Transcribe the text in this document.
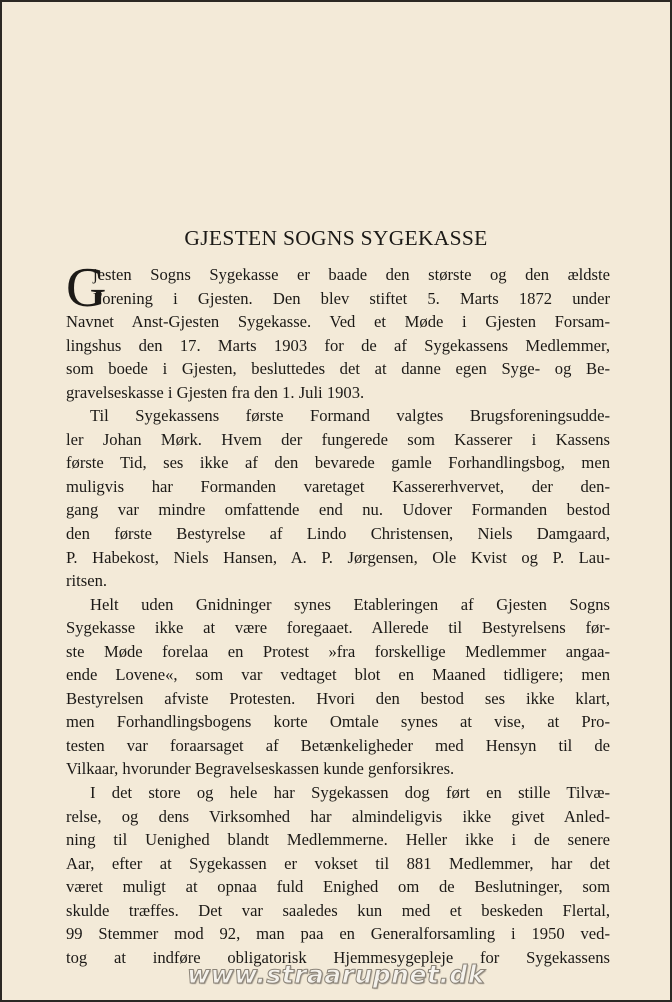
GJESTEN SOGNS SYGEKASSE
G
jesten Sogns Sygekasse er baade den største og den ældste
Forening i Gjesten. Den blev stiftet 5. Marts 1872 under
Navnet Anst-Gjesten Sygekasse. Ved et Møde i Gjesten Forsam-
lingshus den 17. Marts 1903 for de af Sygekassens Medlemmer,
som boede i Gjesten, besluttedes det at danne egen Syge- og Be-
gravelseskasse i Gjesten fra den 1. Juli 1903.
Til Sygekassens første Formand valgtes Brugsforeningsudde-
ler Johan Mørk. Hvem der fungerede som Kasserer i Kassens
første Tid, ses ikke af den bevarede gamle Forhandlingsbog, men
muligvis har Formanden varetaget Kassererhvervet, der den-
gang var mindre omfattende end nu. Udover Formanden bestod
den første Bestyrelse af Lindo Christensen, Niels Damgaard,
P. Habekost, Niels Hansen, A. P. Jørgensen, Ole Kvist og P. Lau-
ritsen.
Helt uden Gnidninger synes Etableringen af Gjesten Sogns
Sygekasse ikke at være foregaaet. Allerede til Bestyrelsens før-
ste Møde forelaa en Protest »fra forskellige Medlemmer angaa-
ende Lovene«, som var vedtaget blot en Maaned tidligere; men
Bestyrelsen afviste Protesten. Hvori den bestod ses ikke klart,
men Forhandlingsbogens korte Omtale synes at vise, at Pro-
testen var foraarsaget af Betænkeligheder med Hensyn til de
Vilkaar, hvorunder Begravelseskassen kunde genforsikres.
I det store og hele har Sygekassen dog ført en stille Tilvæ-
relse, og dens Virksomhed har almindeligvis ikke givet Anled-
ning til Uenighed blandt Medlemmerne. Heller ikke i de senere
Aar, efter at Sygekassen er vokset til 881 Medlemmer, har det
været muligt at opnaa fuld Enighed om de Beslutninger, som
skulde træffes. Det var saaledes kun med et beskeden Flertal,
99 Stemmer mod 92, man paa en Generalforsamling i 1950 ved-
tog at indføre obligatorisk Hjemmesygepleje for Sygekassens
www.straarupnet.dk
